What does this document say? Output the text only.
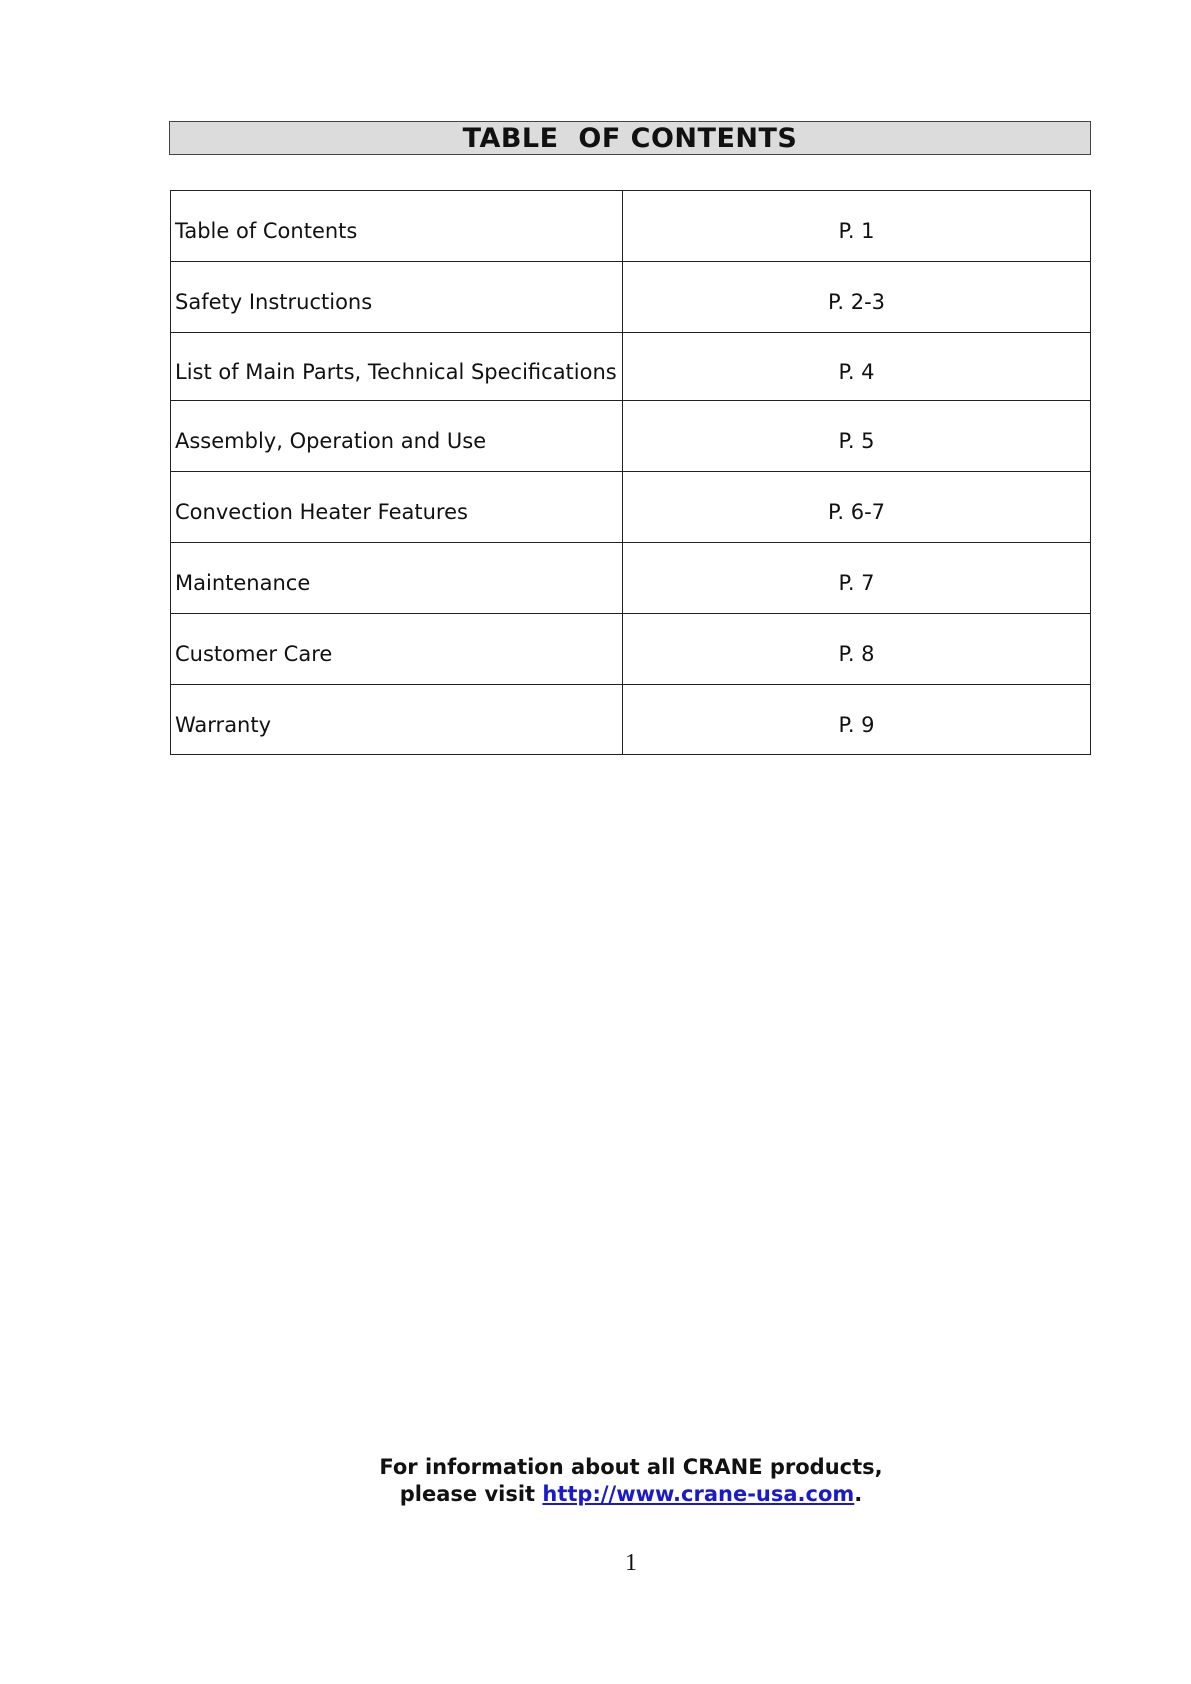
TABLE  OF CONTENTS
Table of Contents	P. 1
Safety Instructions	P. 2-3
List of Main Parts, Technical Specifications	P. 4
Assembly, Operation and Use	P. 5
Convection Heater Features	P. 6-7
Maintenance	P. 7
Customer Care	P. 8
Warranty	P. 9
For information about all CRANE products,
please visit http://www.crane-usa.com.
1
